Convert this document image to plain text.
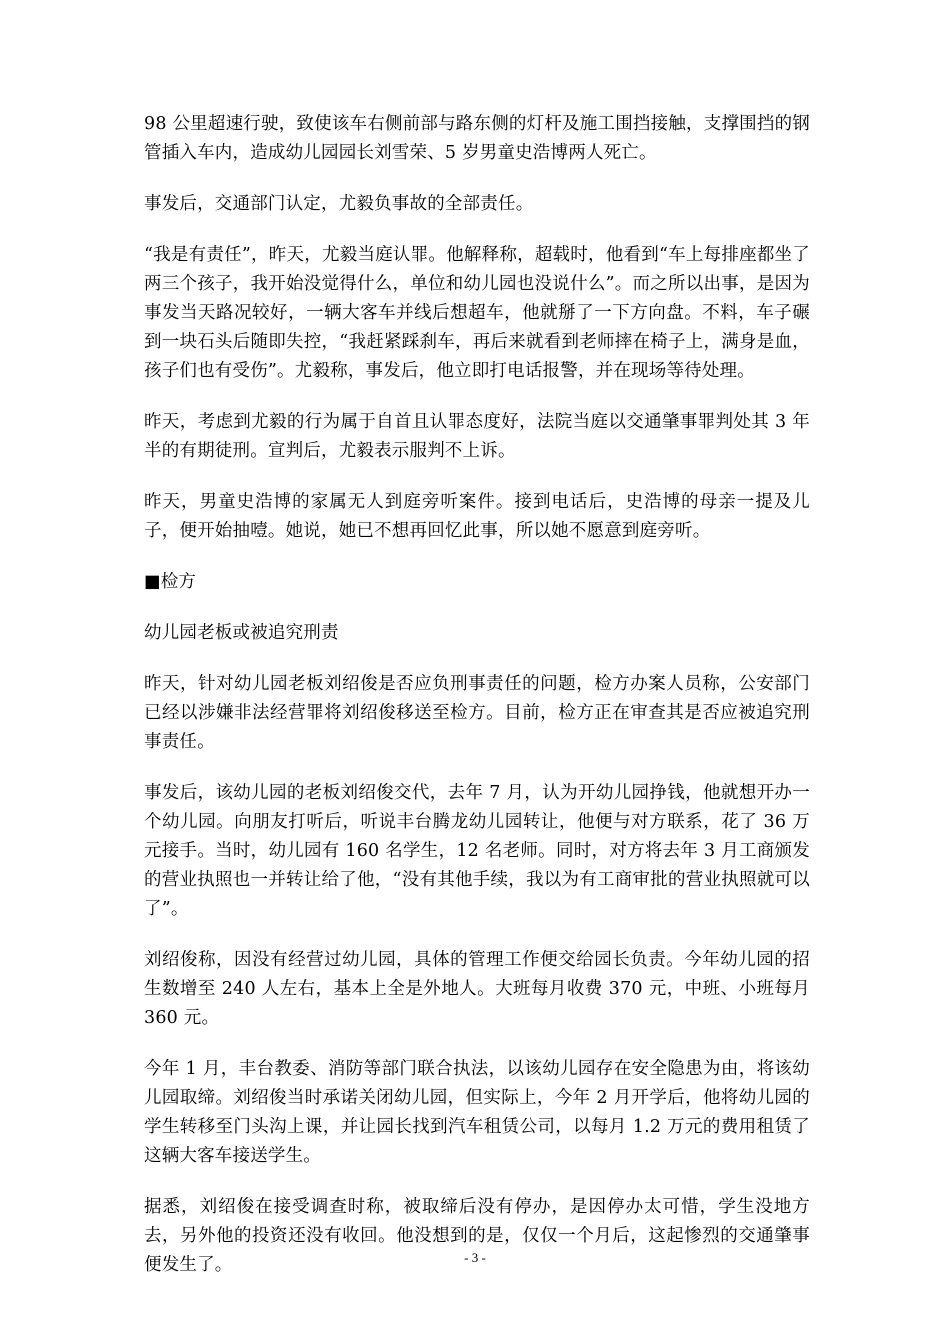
98 公里超速行驶，致使该车右侧前部与路东侧的灯杆及施工围挡接触，支撑围挡的钢管插入车内，造成幼儿园园长刘雪荣、5 岁男童史浩博两人死亡。

事发后，交通部门认定，尤毅负事故的全部责任。

“我是有责任”，昨天，尤毅当庭认罪。他解释称，超载时，他看到“车上每排座都坐了两三个孩子，我开始没觉得什么，单位和幼儿园也没说什么”。而之所以出事，是因为事发当天路况较好，一辆大客车并线后想超车，他就掰了一下方向盘。不料，车子碾到一块石头后随即失控，“我赶紧踩刹车，再后来就看到老师摔在椅子上，满身是血，孩子们也有受伤”。尤毅称，事发后，他立即打电话报警，并在现场等待处理。

昨天，考虑到尤毅的行为属于自首且认罪态度好，法院当庭以交通肇事罪判处其 3 年半的有期徒刑。宣判后，尤毅表示服判不上诉。

昨天，男童史浩博的家属无人到庭旁听案件。接到电话后，史浩博的母亲一提及儿子，便开始抽噎。她说，她已不想再回忆此事，所以她不愿意到庭旁听。

■检方

幼儿园老板或被追究刑责

昨天，针对幼儿园老板刘绍俊是否应负刑事责任的问题，检方办案人员称，公安部门已经以涉嫌非法经营罪将刘绍俊移送至检方。目前，检方正在审查其是否应被追究刑事责任。

事发后，该幼儿园的老板刘绍俊交代，去年 7 月，认为开幼儿园挣钱，他就想开办一个幼儿园。向朋友打听后，听说丰台腾龙幼儿园转让，他便与对方联系，花了 36 万元接手。当时，幼儿园有 160 名学生，12 名老师。同时，对方将去年 3 月工商颁发的营业执照也一并转让给了他，“没有其他手续，我以为有工商审批的营业执照就可以了”。

刘绍俊称，因没有经营过幼儿园，具体的管理工作便交给园长负责。今年幼儿园的招生数增至 240 人左右，基本上全是外地人。大班每月收费 370 元，中班、小班每月 360 元。

今年 1 月，丰台教委、消防等部门联合执法，以该幼儿园存在安全隐患为由，将该幼儿园取缔。刘绍俊当时承诺关闭幼儿园，但实际上，今年 2 月开学后，他将幼儿园的学生转移至门头沟上课，并让园长找到汽车租赁公司，以每月 1.2 万元的费用租赁了这辆大客车接送学生。

据悉，刘绍俊在接受调查时称，被取缔后没有停办，是因停办太可惜，学生没地方去，另外他的投资还没有收回。他没想到的是，仅仅一个月后，这起惨烈的交通肇事便发生了。	- 3 -
